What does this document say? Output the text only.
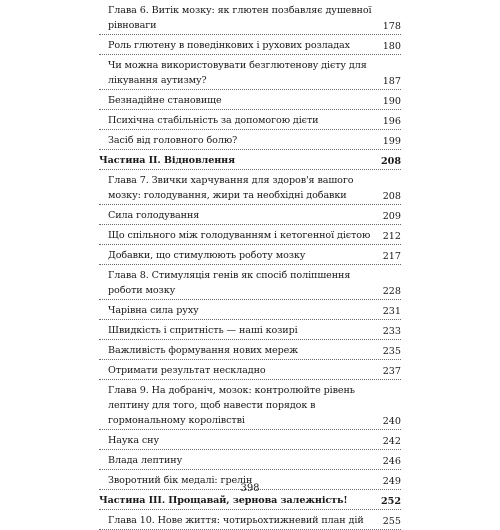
Глава 6. Витік мозку: як глютен позбавляє душевної рівноваги	178
Роль глютену в поведінкових і рухових розладах	180
Чи можна використовувати безглютенову дієту для лікування аутизму?	187
Безнадійне становище	190
Психічна стабільність за допомогою дієти	196
Засіб від головного болю?	199
Частина II. Відновлення	208
Глава 7. Звички харчування для здоров'я вашого мозку: голодування, жири та необхідні добавки	208
Сила голодування	209
Що спільного між голодуванням і кетогенної дієтою	212
Добавки, що стимулюють роботу мозку	217
Глава 8. Стимуляція генів як спосіб поліпшення роботи мозку	228
Чарівна сила руху	231
Швидкість і спритність — наші козирі	233
Важливість формування нових мереж	235
Отримати результат нескладно	237
Глава 9. На добраніч, мозок: контролюйте рівень лептину для того, щоб навести порядок в гормональному королівстві	240
Наука сну	242
Влада лептину	246
Зворотний бік медалі: грелін	249
Частина III. Прощавай, зернова залежність!	252
Глава 10. Нове життя: чотирьохтижневий план дій	255
398
